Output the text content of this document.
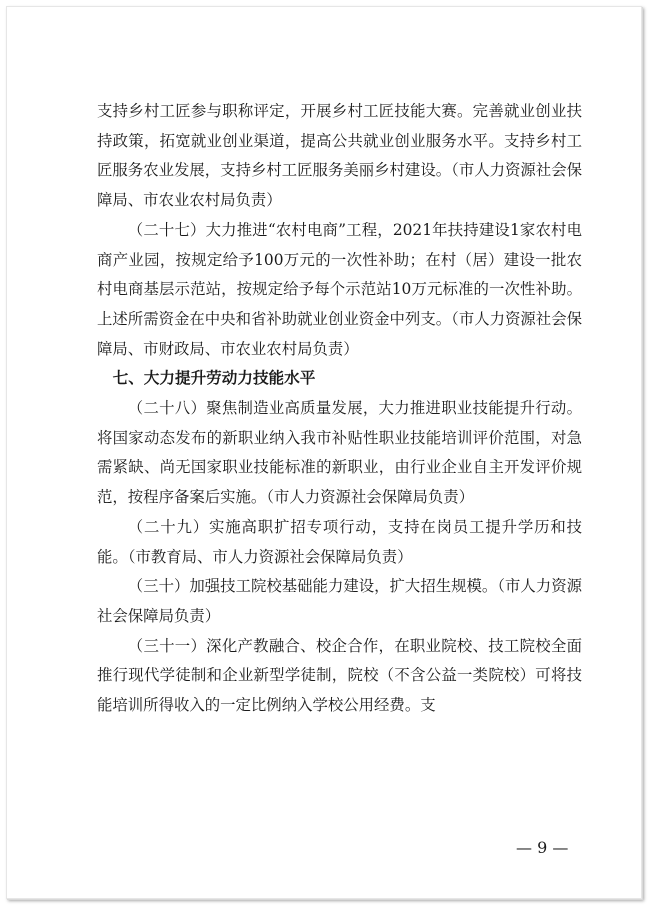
支持乡村工匠参与职称评定，开展乡村工匠技能大赛。完善就业创业扶持政策，拓宽就业创业渠道，提高公共就业创业服务水平。支持乡村工匠服务农业发展，支持乡村工匠服务美丽乡村建设。（市人力资源社会保障局、市农业农村局负责）

（二十七）大力推进“农村电商”工程，2021年扶持建设1家农村电商产业园，按规定给予100万元的一次性补助；在村（居）建设一批农村电商基层示范站，按规定给予每个示范站10万元标准的一次性补助。上述所需资金在中央和省补助就业创业资金中列支。（市人力资源社会保障局、市财政局、市农业农村局负责）

七、大力提升劳动力技能水平

（二十八）聚焦制造业高质量发展，大力推进职业技能提升行动。将国家动态发布的新职业纳入我市补贴性职业技能培训评价范围，对急需紧缺、尚无国家职业技能标准的新职业，由行业企业自主开发评价规范，按程序备案后实施。（市人力资源社会保障局负责）

（二十九）实施高职扩招专项行动，支持在岗员工提升学历和技能。（市教育局、市人力资源社会保障局负责）

（三十）加强技工院校基础能力建设，扩大招生规模。（市人力资源社会保障局负责）

（三十一）深化产教融合、校企合作，在职业院校、技工院校全面推行现代学徒制和企业新型学徒制，院校（不含公益一类院校）可将技能培训所得收入的一定比例纳入学校公用经费。支

— 9 —
